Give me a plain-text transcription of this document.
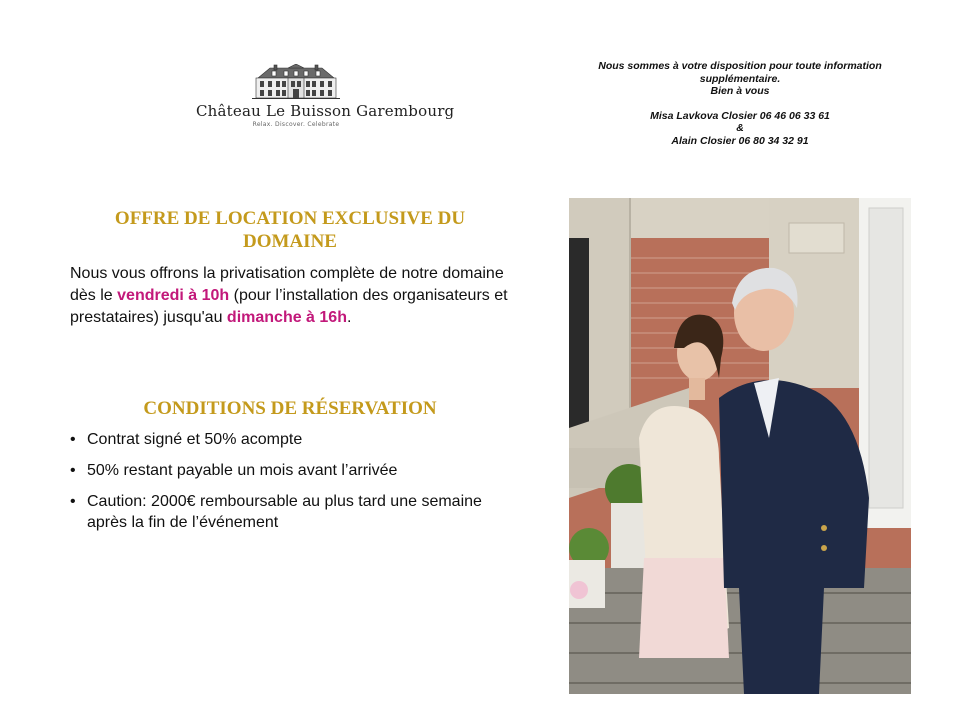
Château Le Buisson Garembourg
Relax. Discover. Celebrate
Nous sommes à votre disposition pour toute information
supplémentaire.
Bien à vous
Misa Lavkova Closier 06 46 06 33 61
&
Alain Closier 06 80 34 32 91
OFFRE DE LOCATION EXCLUSIVE DU
DOMAINE
Nous vous offrons la privatisation complète de notre domaine dès le vendredi à 10h (pour l’installation des organisateurs et prestataires) jusqu'au dimanche à 16h.
CONDITIONS DE RÉSERVATION
• Contrat signé et 50% acompte
• 50% restant payable un mois avant l’arrivée
• Caution: 2000€ remboursable au plus tard une semaine après la fin de l’événement
